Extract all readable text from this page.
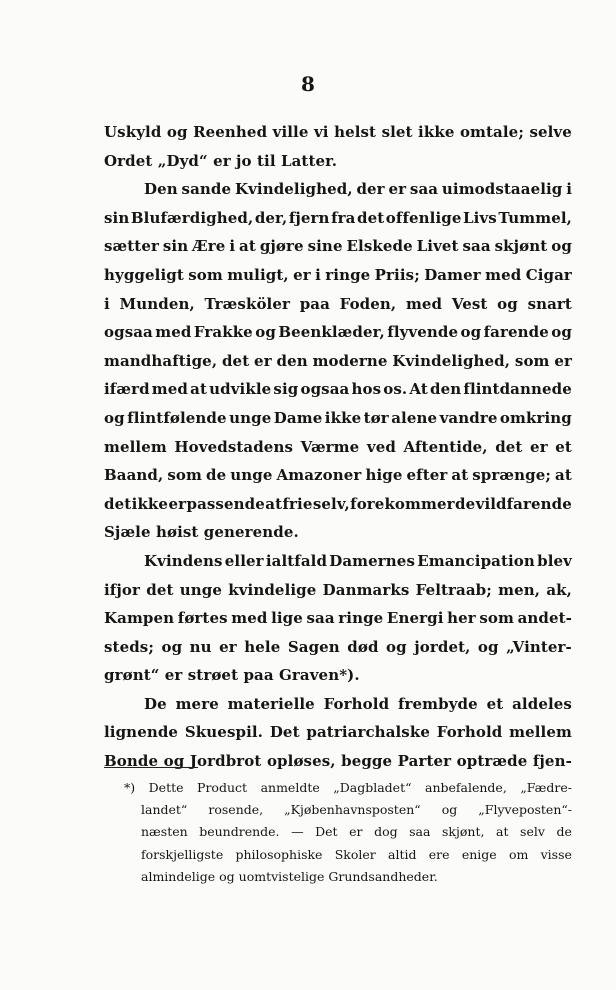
8
Uskyld og Reenhed ville vi helst slet ikke omtale; selve
Ordet „Dyd“ er jo til Latter.
Den sande Kvindelighed, der er saa uimodstaaelig i
sin Blufærdighed, der, fjern fra det offenlige Livs Tummel,
sætter sin Ære i at gjøre sine Elskede Livet saa skjønt og
hyggeligt som muligt, er i ringe Priis; Damer med Cigar
i Munden, Træsköler paa Foden, med Vest og snart
ogsaa med Frakke og Beenklæder, flyvende og farende og
mandhaftige, det er den moderne Kvindelighed, som er
ifærd med at udvikle sig ogsaa hos os. At den flintdannede
og flintfølende unge Dame ikke tør alene vandre omkring
mellem Hovedstadens Værme ved Aftentide, det er et
Baand, som de unge Amazoner hige efter at sprænge; at
det ikke er passende at frie selv, forekommer de vildfarende
Sjæle høist generende.
Kvindens eller ialtfald Damernes Emancipation blev
ifjor det unge kvindelige Danmarks Feltraab; men, ak,
Kampen førtes med lige saa ringe Energi her som andet-
steds; og nu er hele Sagen død og jordet, og „Vinter-
grønt“ er strøet paa Graven*).
De mere materielle Forhold frembyde et aldeles
lignende Skuespil. Det patriarchalske Forhold mellem
Bonde og Jordbrot opløses, begge Parter optræde fjen-
*) Dette Product anmeldte „Dagbladet“ anbefalende, „Fædre-
landet“ rosende, „Kjøbenhavnsposten“ og „Flyveposten“-
næsten beundrende. — Det er dog saa skjønt, at selv de
forskjelligste philosophiske Skoler altid ere enige om visse
almindelige og uomtvistelige Grundsandheder.
